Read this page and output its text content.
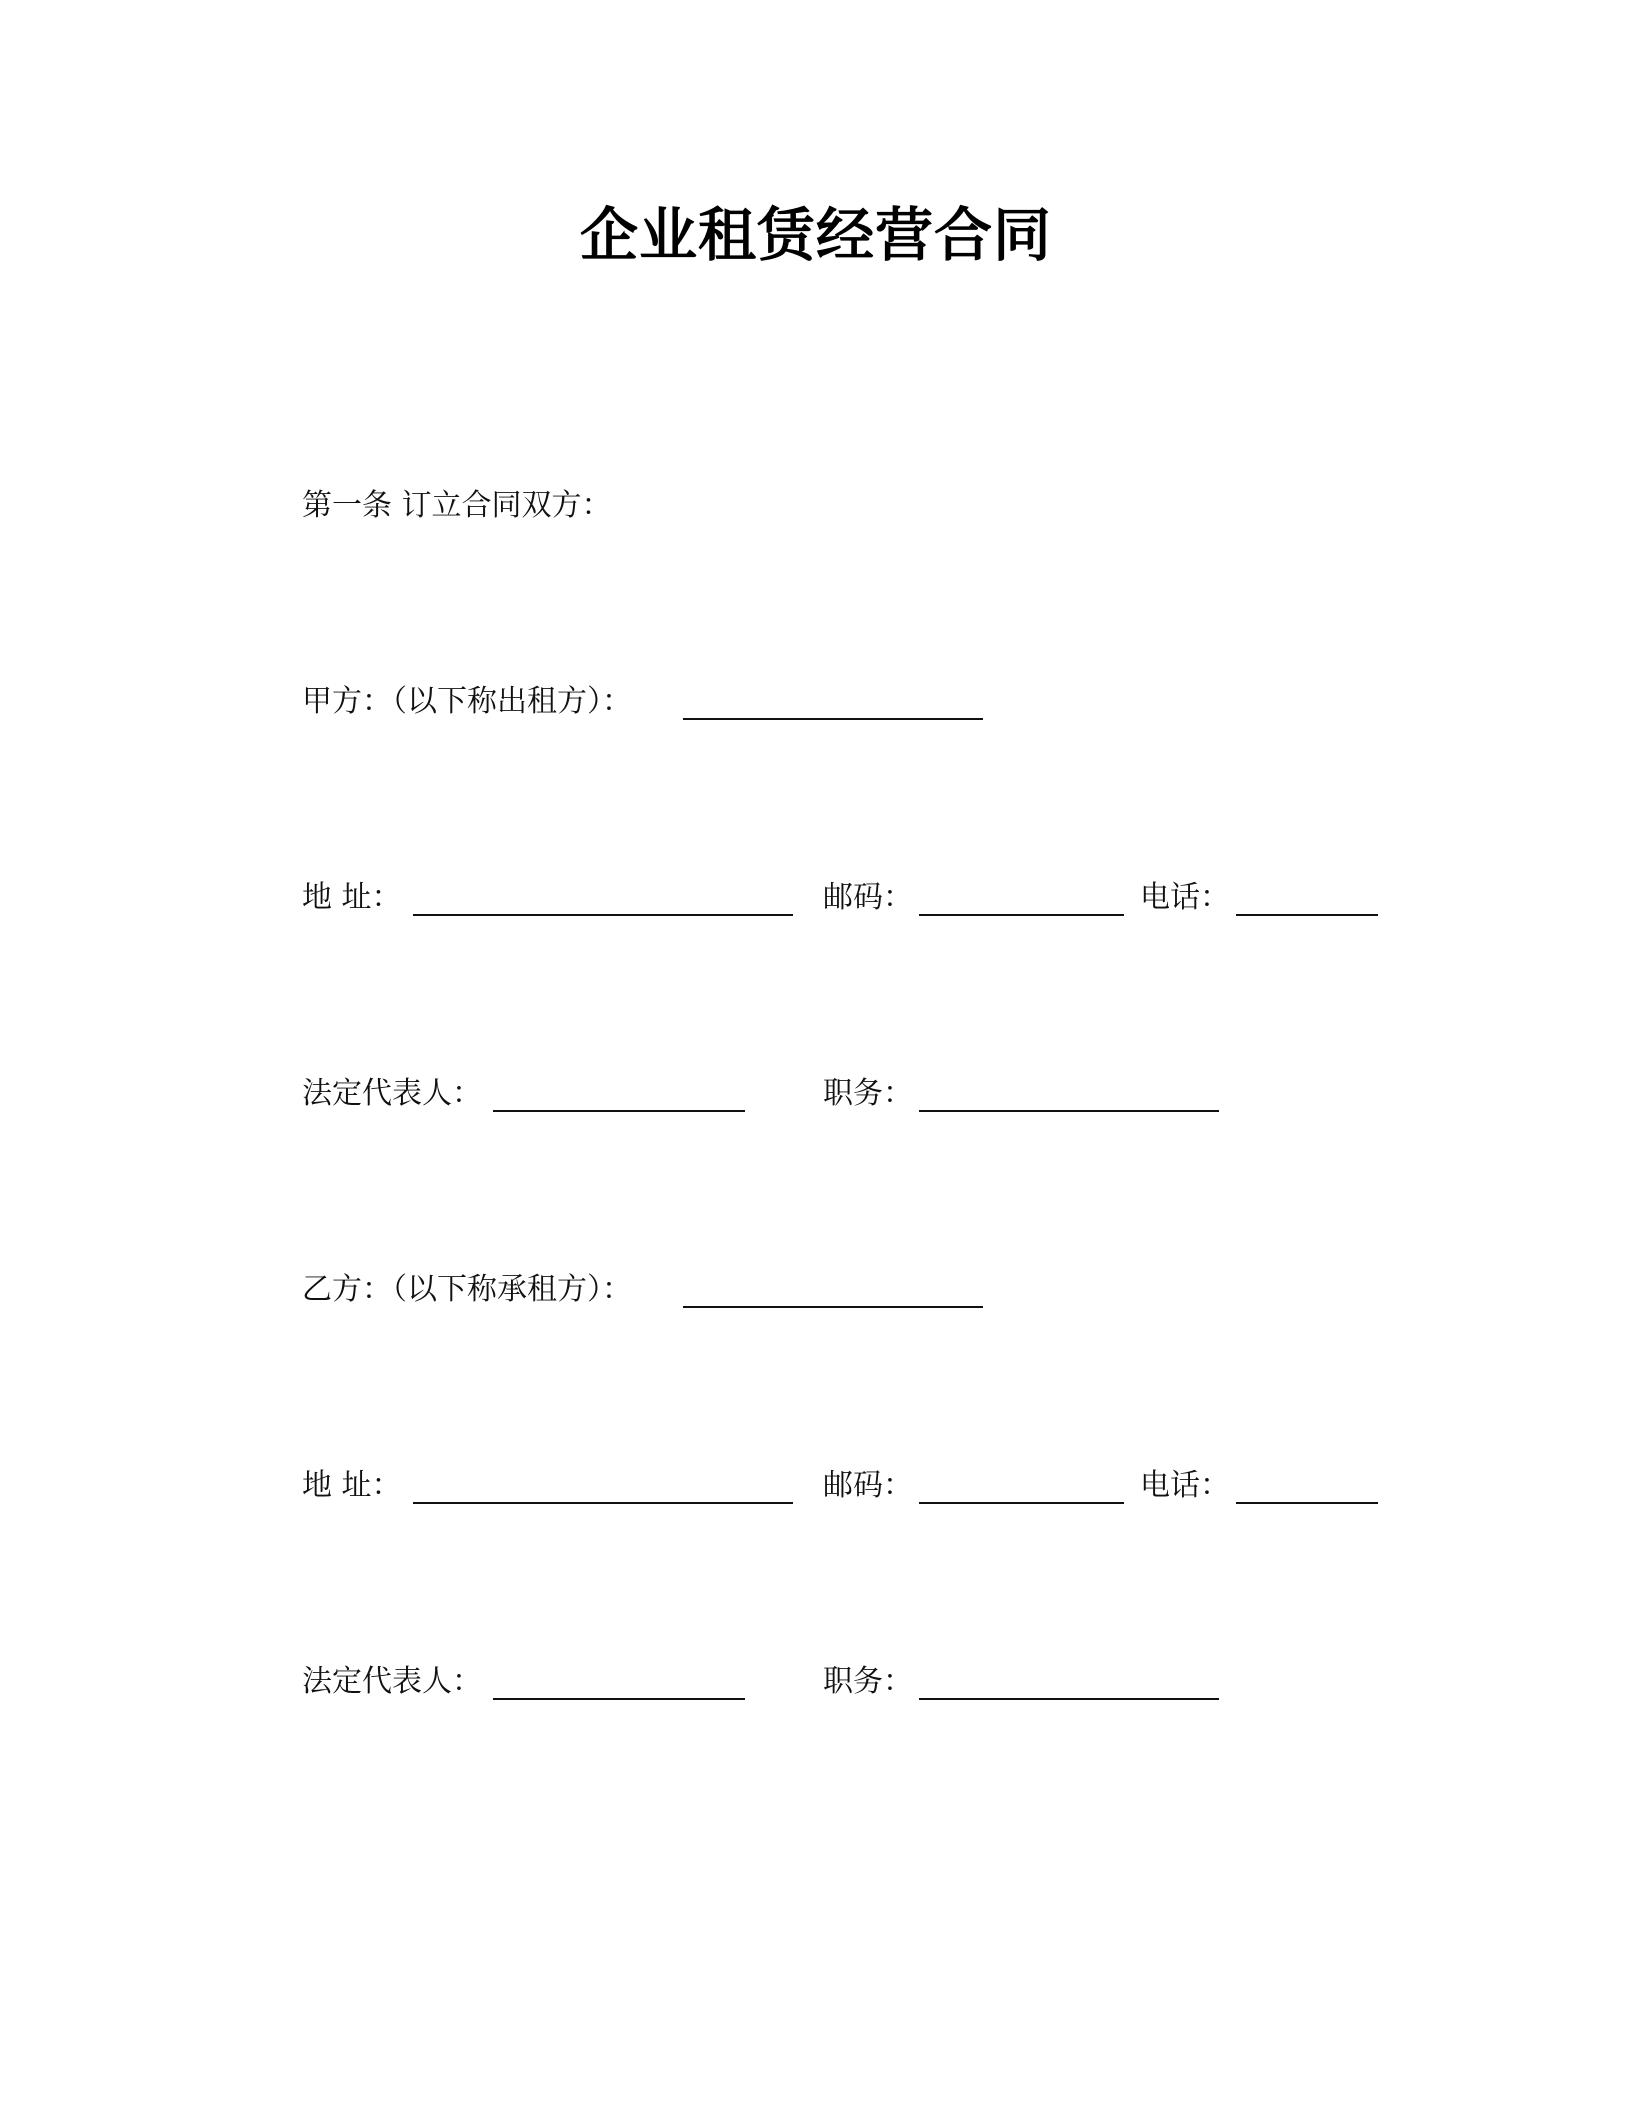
企业租赁经营合同
第一条 订立合同双方：
甲方：（以下称出租方）：
地 址：	邮码：	电话：
法定代表人：	职务：
乙方：（以下称承租方）：
地 址：	邮码：	电话：
法定代表人：	职务：
